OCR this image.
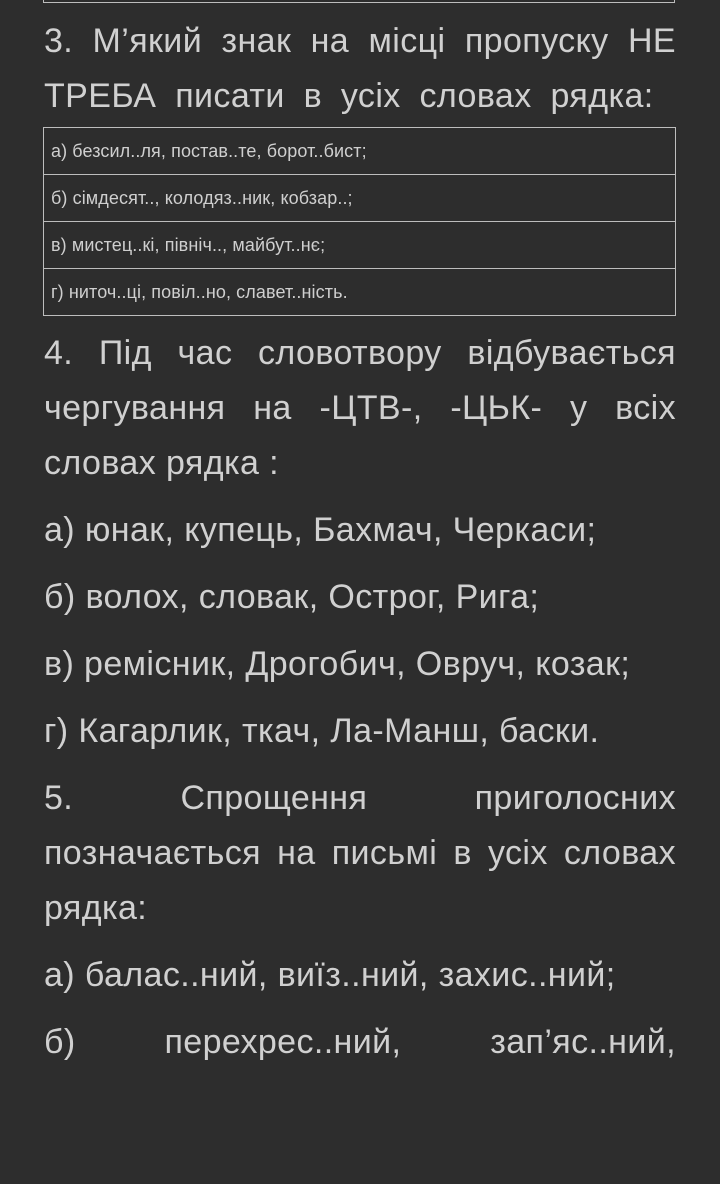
3. М’який знак на місці пропуску НЕ ТРЕБА писати в усіх словах рядка:

а) безсил..ля, постав..те, борот..бист;
б) сімдесят.., колодяз..ник, кобзар..;
в) мистец..кі, північ.., майбут..нє;
г) ниточ..ці, повіл..но, славет..ність.

4. Під час словотвору відбувається чергування на -ЦТВ-, -ЦЬК- у всіх словах рядка :

а) юнак, купець, Бахмач, Черкаси;

б) волох, словак, Острог, Рига;

в) ремісник, Дрогобич, Овруч, козак;

г) Кагарлик, ткач, Ла-Манш, баски.

5. Спрощення приголосних позначається на письмі в усіх словах рядка:

а) балас..ний, виїз..ний, захис..ний;

б) перехрес..ний, зап’яс..ний,
